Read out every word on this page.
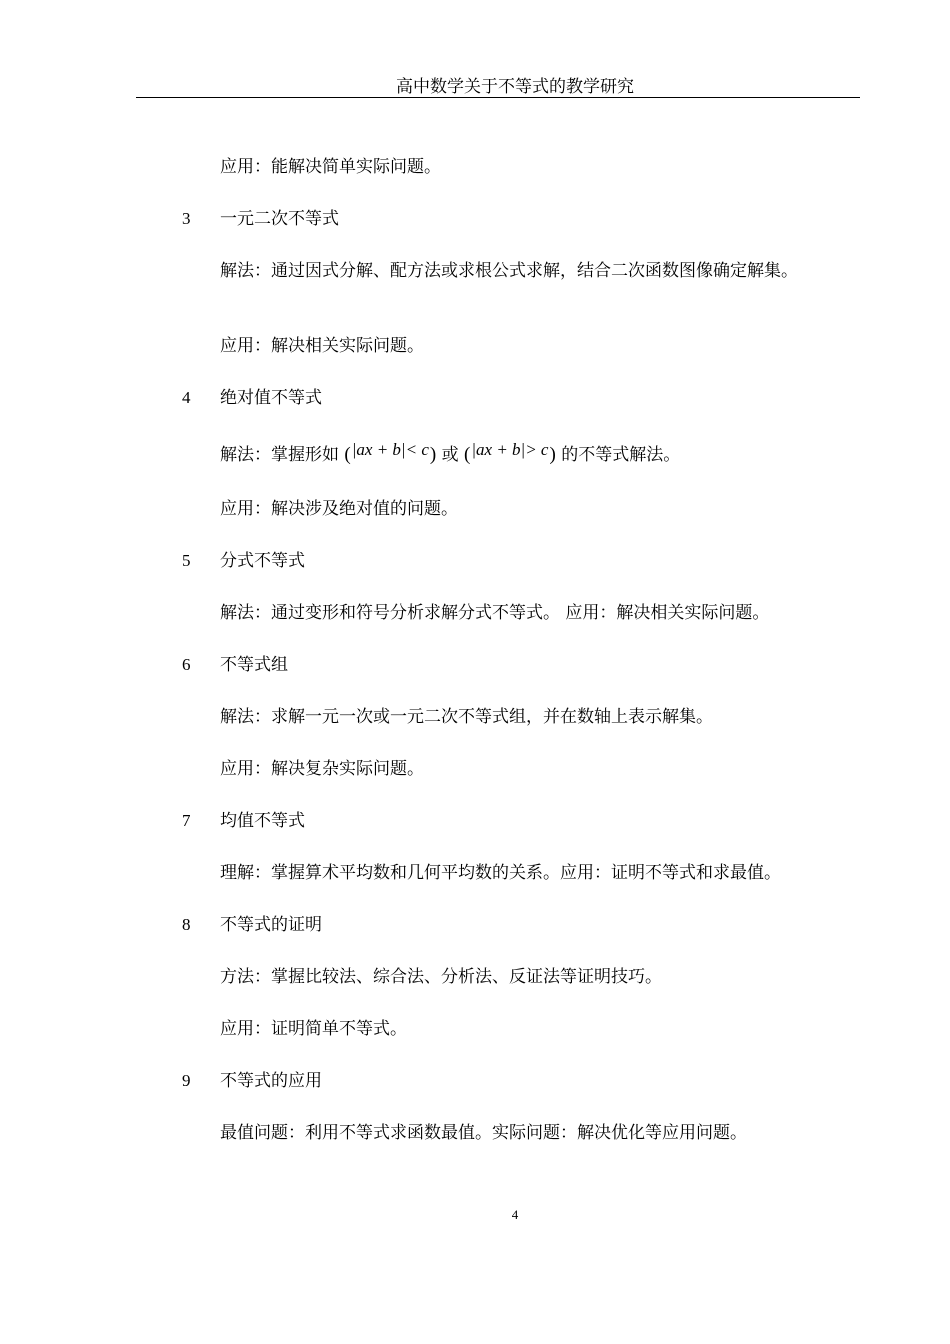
高中数学关于不等式的教学研究
应用：能解决简单实际问题。
3 一元二次不等式
解法：通过因式分解、配方法或求根公式求解，结合二次函数图像确定解集。
应用：解决相关实际问题。
4 绝对值不等式
解法：掌握形如 (|ax + b|< c) 或 (|ax + b|> c) 的不等式解法。
应用：解决涉及绝对值的问题。
5 分式不等式
解法：通过变形和符号分析求解分式不等式。 应用：解决相关实际问题。
6 不等式组
解法：求解一元一次或一元二次不等式组，并在数轴上表示解集。
应用：解决复杂实际问题。
7 均值不等式
理解：掌握算术平均数和几何平均数的关系。应用：证明不等式和求最值。
8 不等式的证明
方法：掌握比较法、综合法、分析法、反证法等证明技巧。
应用：证明简单不等式。
9 不等式的应用
最值问题：利用不等式求函数最值。实际问题：解决优化等应用问题。
4
